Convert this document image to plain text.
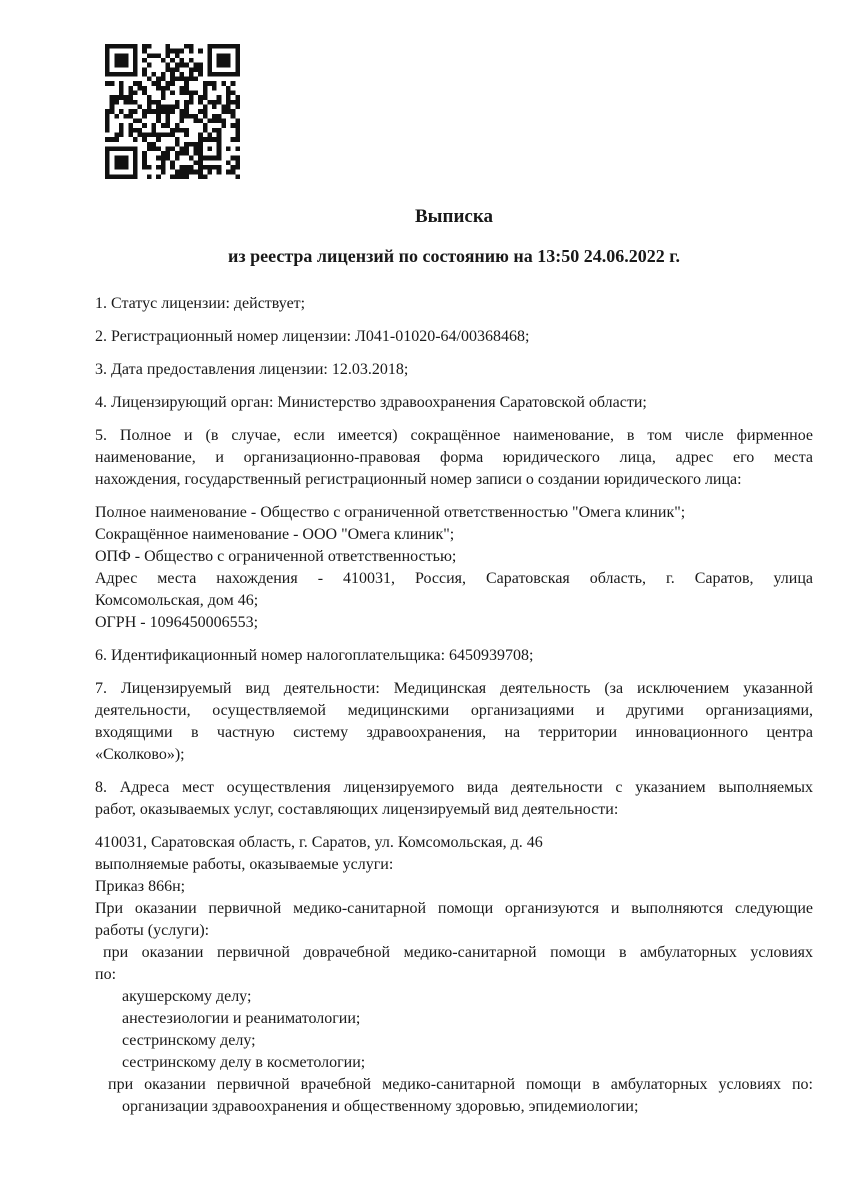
Выписка
из реестра лицензий по состоянию на 13:50 24.06.2022 г.

1. Статус лицензии: действует;

2. Регистрационный номер лицензии: Л041-01020-64/00368468;

3. Дата предоставления лицензии: 12.03.2018;

4. Лицензирующий орган: Министерство здравоохранения Саратовской области;

5. Полное и (в случае, если имеется) сокращённое наименование, в том числе фирменное

наименование, и организационно-правовая форма юридического лица, адрес его места

нахождения, государственный регистрационный номер записи о создании юридического лица:

Полное наименование - Общество с ограниченной ответственностью "Омега клиник";

Сокращённое наименование - ООО "Омега клиник";

ОПФ - Общество с ограниченной ответственностью;

Адрес места нахождения - 410031, Россия, Саратовская область, г. Саратов, улица

Комсомольская, дом 46;

ОГРН - 1096450006553;

6. Идентификационный номер налогоплательщика: 6450939708;

7. Лицензируемый вид деятельности: Медицинская деятельность (за исключением указанной

деятельности, осуществляемой медицинскими организациями и другими организациями,

входящими в частную систему здравоохранения, на территории инновационного центра

«Сколково»);

8. Адреса мест осуществления лицензируемого вида деятельности с указанием выполняемых

работ, оказываемых услуг, составляющих лицензируемый вид деятельности:

410031, Саратовская область, г. Саратов, ул. Комсомольская, д. 46

выполняемые работы, оказываемые услуги:

Приказ 866н;

При оказании первичной медико-санитарной помощи организуются и выполняются следующие

работы (услуги):

при оказании первичной доврачебной медико-санитарной помощи в амбулаторных условиях

по:

акушерскому делу;

анестезиологии и реаниматологии;

сестринскому делу;

сестринскому делу в косметологии;

при оказании первичной врачебной медико-санитарной помощи в амбулаторных условиях по:

организации здравоохранения и общественному здоровью, эпидемиологии;
